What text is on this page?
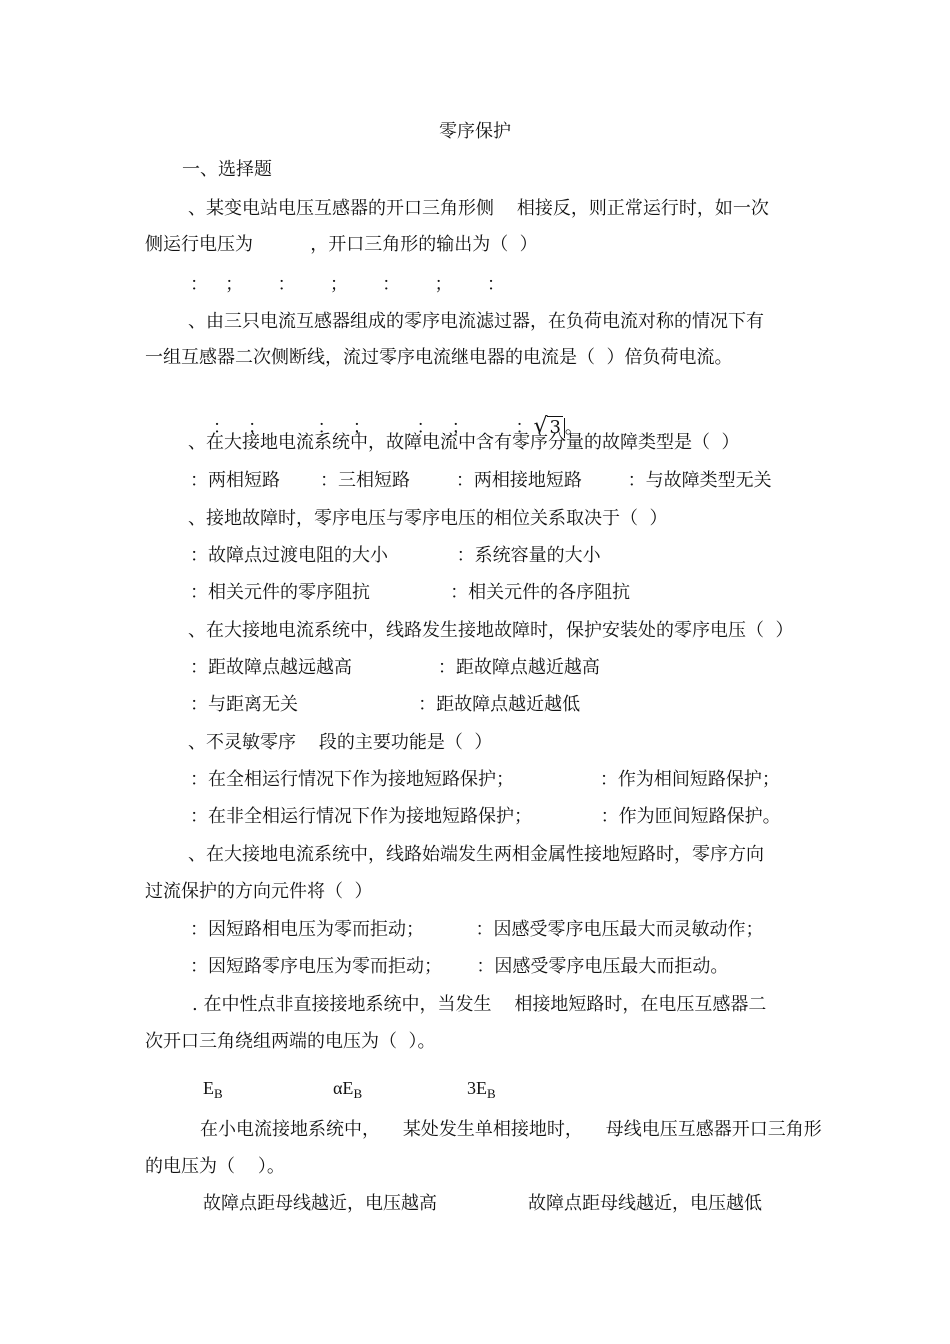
零序保护
一、选择题
、某变电站电压互感器的开口三角形侧    相接反，则正常运行时，如一次
侧运行电压为          ，开口三角形的输出为（  ）
：   ；      ：      ；      ：      ；      ：
、由三只电流互感器组成的零序电流滤过器，在负荷电流对称的情况下有
一组互感器二次侧断线，流过零序电流继电器的电流是（  ）倍负荷电流。

：   ；         ：   ；        ：   ；        ：√ 3 。

、在大接地电流系统中，故障电流中含有零序分量的故障类型是（  ）
：两相短路       ：三相短路        ：两相接地短路        ：与故障类型无关
、接地故障时，零序电压与零序电压的相位关系取决于（  ）
：故障点过渡电阻的大小            ：系统容量的大小
：相关元件的零序阻抗              ：相关元件的各序阻抗
、在大接地电流系统中，线路发生接地故障时，保护安装处的零序电压（  ）
：距故障点越远越高               ：距故障点越近越高
：与距离无关                     ：距故障点越近越低
、不灵敏零序    段的主要功能是（  ）
：在全相运行情况下作为接地短路保护；               ：作为相间短路保护；
：在非全相运行情况下作为接地短路保护；            ：作为匝间短路保护。
、在大接地电流系统中，线路始端发生两相金属性接地短路时，零序方向
过流保护的方向元件将（  ）
：因短路相电压为零而拒动；         ：因感受零序电压最大而灵敏动作；
：因短路零序电压为零而拒动；      ：因感受零序电压最大而拒动。
. 在中性点非直接接地系统中，当发生    相接地短路时，在电压互感器二
次开口三角绕组两端的电压为（  ）。
$E_B$	$\alpha E_B$	$3E_B$
在小电流接地系统中，    某处发生单相接地时，    母线电压互感器开口三角形
的电压为（    ）。
故障点距母线越近，电压越高	故障点距母线越近，电压越低
